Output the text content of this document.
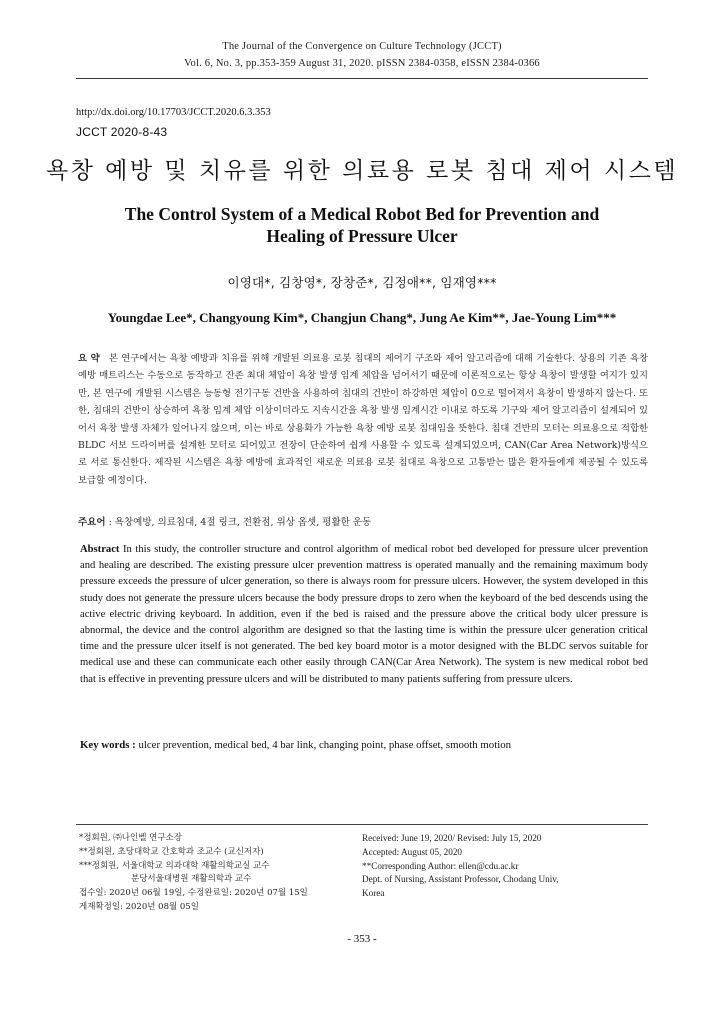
The Journal of the Convergence on Culture Technology (JCCT)
Vol. 6, No. 3, pp.353-359 August 31, 2020. pISSN 2384-0358, eISSN 2384-0366
http://dx.doi.org/10.17703/JCCT.2020.6.3.353
JCCT 2020-8-43
욕창 예방 및 치유를 위한 의료용 로봇 침대 제어 시스템
The Control System of a Medical Robot Bed for Prevention and
Healing of Pressure Ulcer
이영대*, 김창영*, 장창준*, 김정애**, 임재영***
Youngdae Lee*, Changyoung Kim*, Changjun Chang*, Jung Ae Kim**, Jae-Young Lim***
요 약 본 연구에서는 욕창 예방과 치유를 위해 개발된 의료용 로봇 침대의 제어기 구조와 제어 알고리즘에 대해 기술한다. 상용의 기존 욕창 예방 매트리스는 수동으로 동작하고 잔존 최대 체압이 욕창 발생 임계 체압을 넘어서기 때문에 이론적으로는 항상 욕창이 발생할 여지가 있지만, 본 연구에 개발된 시스템은 능동형 전기구동 건반을 사용하여 침대의 건반이 하강하면 체압이 0으로 떨어져서 욕창이 발생하지 않는다. 또한, 침대의 건반이 상승하여 욕창 임계 체압 이상이더라도 지속시간을 욕창 발생 임계시간 이내로 하도록 기구와 제어 알고리즘이 설계되어 있어서 욕창 발생 자체가 일어나지 않으며, 이는 바로 상용화가 가능한 욕창 예방 로봇 침대임을 뜻한다. 침대 건반의 모터는 의료용으로 적합한 BLDC 서보 드라이버를 설계한 모터로 되어있고 전장이 단순하여 쉽게 사용할 수 있도록 설계되었으며, CAN(Car Area Network)방식으로 서로 통신한다. 제작된 시스템은 욕창 예방에 효과적인 새로운 의료용 로봇 침대로 욕창으로 고통받는 많은 환자들에게 제공될 수 있도록 보급할 예정이다.
주요어 : 욕창예방, 의료침대, 4절 링크, 전환점, 위상 옵셋, 평활한 운동
Abstract In this study, the controller structure and control algorithm of medical robot bed developed for pressure ulcer prevention and healing are described. The existing pressure ulcer prevention mattress is operated manually and the remaining maximum body pressure exceeds the pressure of ulcer generation, so there is always room for pressure ulcers. However, the system developed in this study does not generate the pressure ulcers because the body pressure drops to zero when the keyboard of the bed descends using the active electric driving keyboard. In addition, even if the bed is raised and the pressure above the critical body ulcer pressure is abnormal, the device and the control algorithm are designed so that the lasting time is within the pressure ulcer generation critical time and the pressure ulcer itself is not generated. The bed key board motor is a motor designed with the BLDC servos suitable for medical use and these can communicate each other easily through CAN(Car Area Network). The system is new medical robot bed that is effective in preventing pressure ulcers and will be distributed to many patients suffering from pressure ulcers.
Key words : ulcer prevention, medical bed, 4 bar link, changing point, phase offset, smooth motion
*정회원, ㈜나인벨 연구소장
**정회원, 초당대학교 간호학과 조교수 (교신저자)
***정회원, 서울대학교 의과대학 재활의학교실 교수
분당서울대병원 재활의학과 교수
접수일: 2020년 06월 19일, 수정완료일: 2020년 07월 15일
게재확정일: 2020년 08월 05일
Received: June 19, 2020/ Revised: July 15, 2020
Accepted: August 05, 2020
**Corresponding Author: ellen@cdu.ac.kr
Dept. of Nursing, Assistant Professor, Chodang Univ,
Korea
- 353 -
